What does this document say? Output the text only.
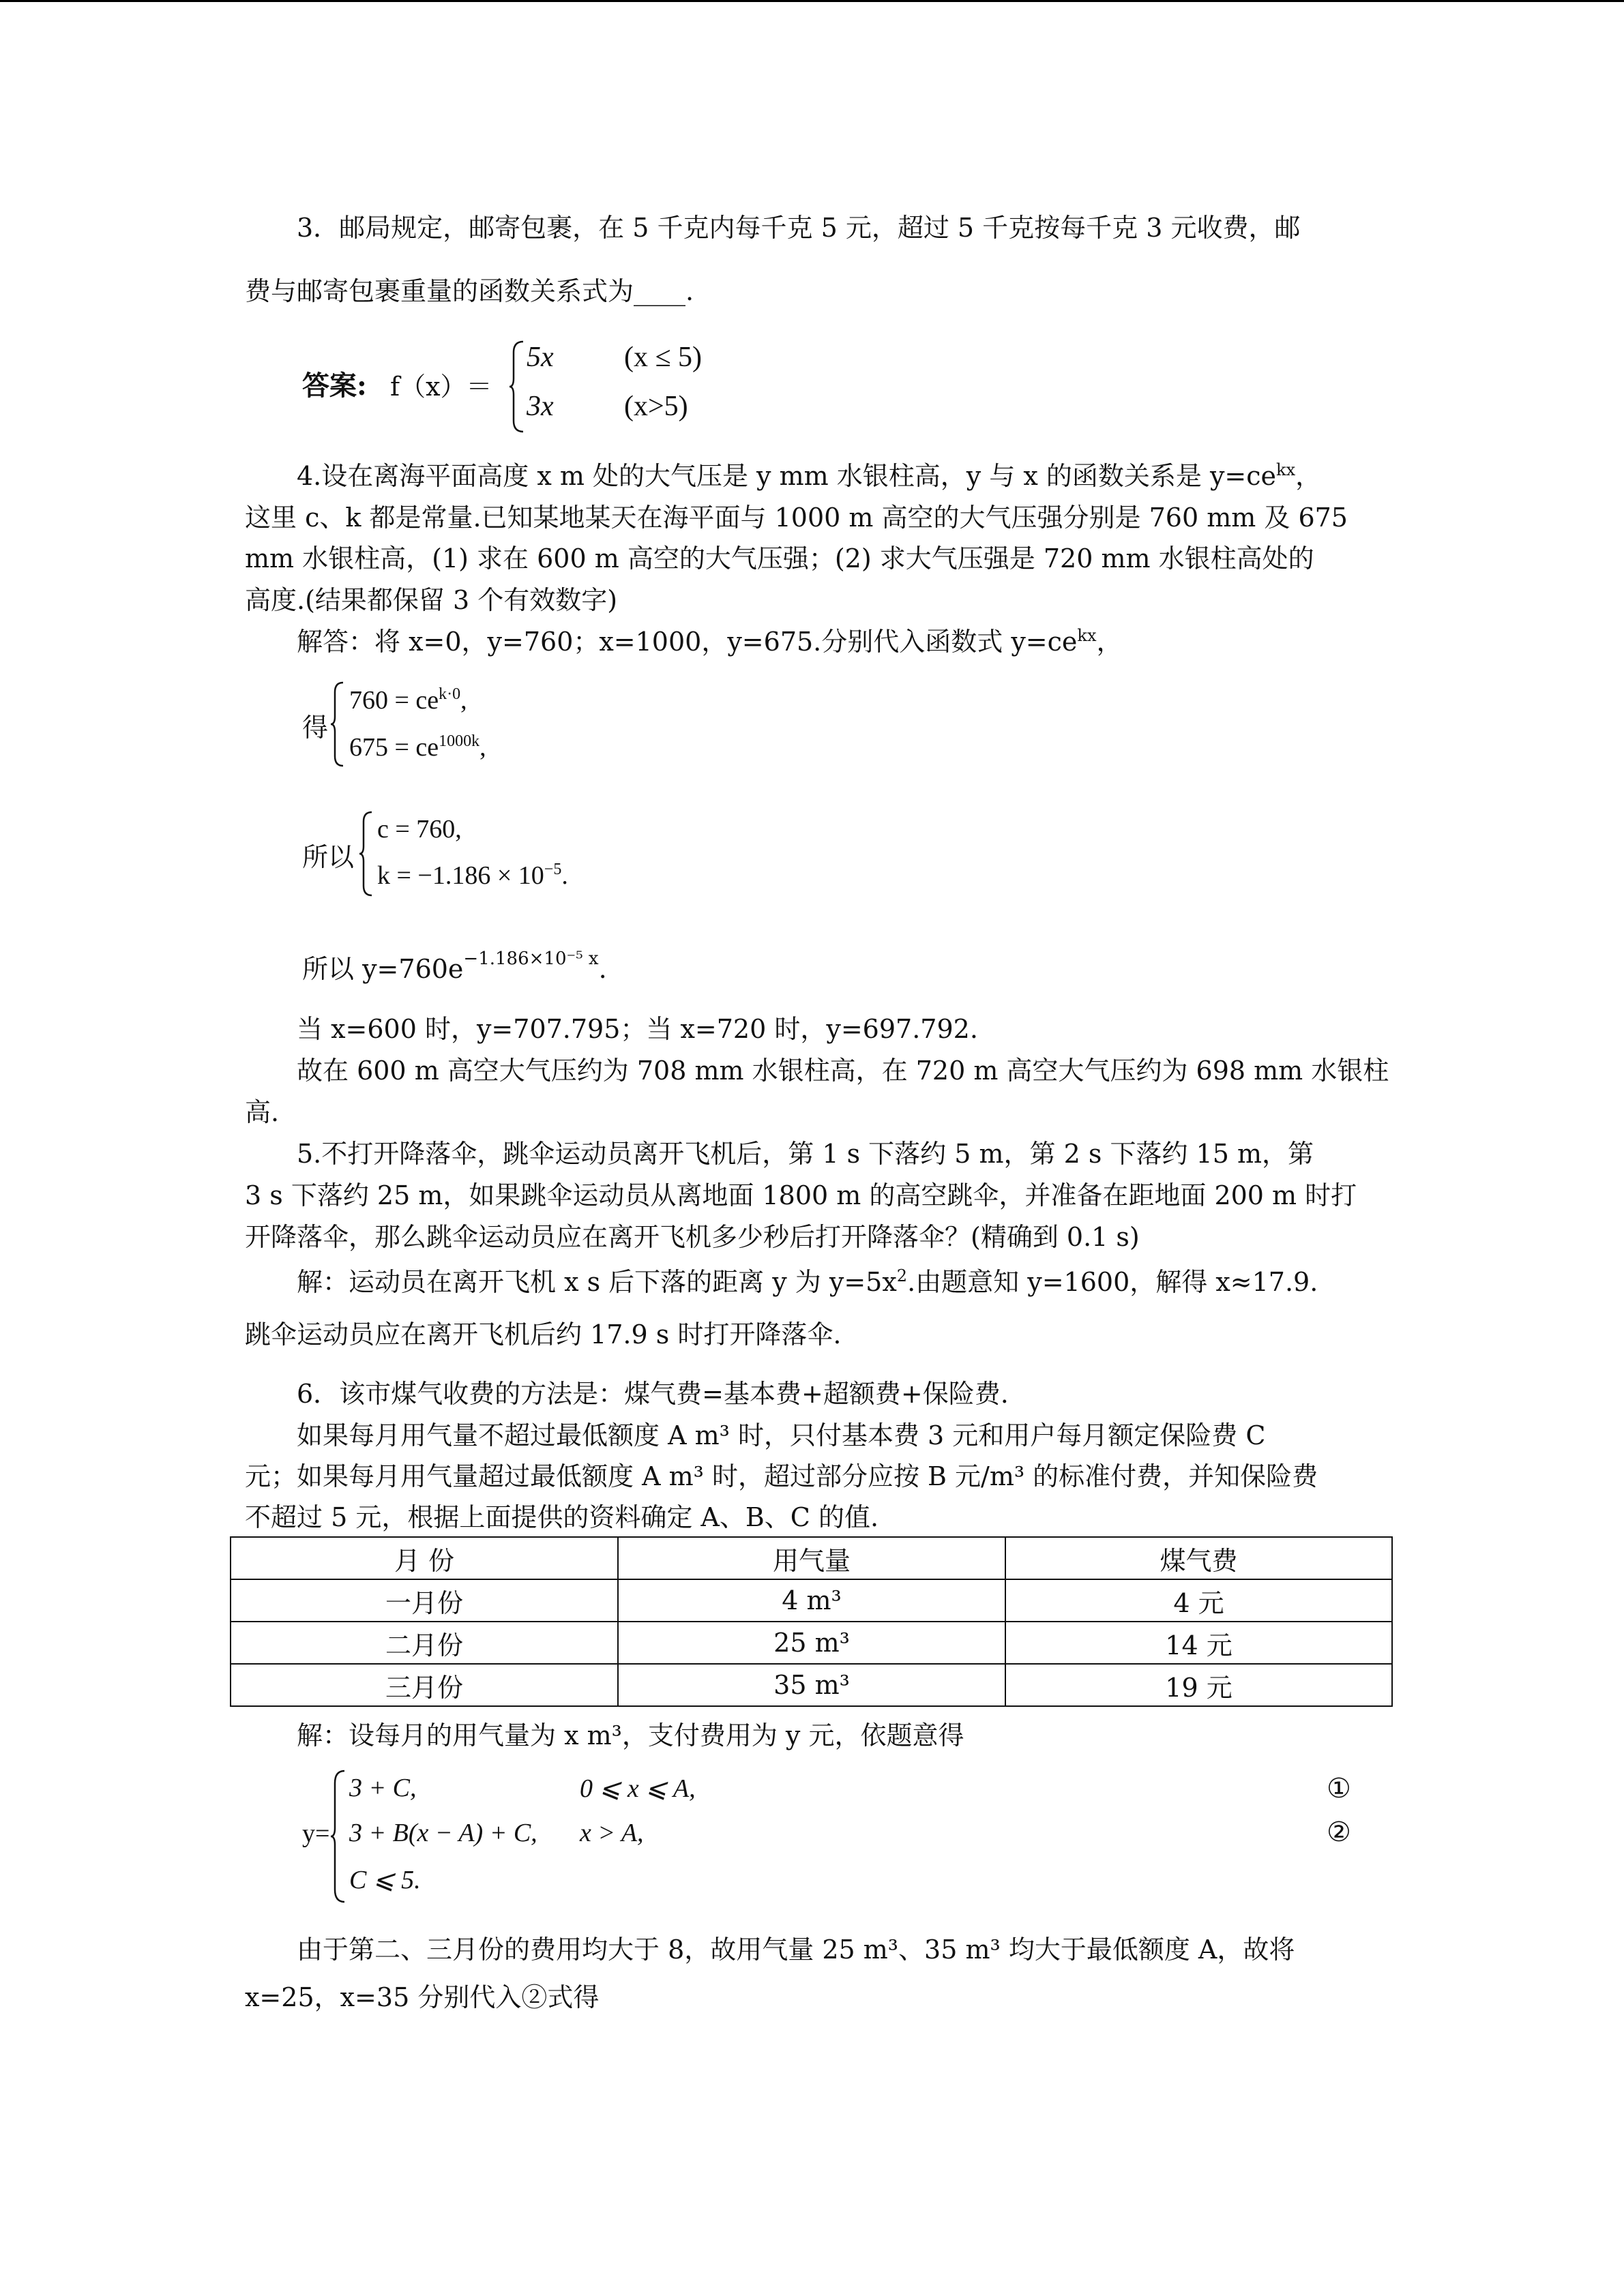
3．邮局规定，邮寄包裹，在 5 千克内每千克 5 元，超过 5 千克按每千克 3 元收费，邮
费与邮寄包裹重量的函数关系式为____.
答案: f（x）＝
5x (x ≤ 5)
3x (x>5)
4.设在离海平面高度 x m 处的大气压是 y mm 水银柱高，y 与 x 的函数关系是 $y=ce^{kx}$，
这里 c、k 都是常量.已知某地某天在海平面与 1000 m 高空的大气压强分别是 760 mm 及 675
mm 水银柱高，(1) 求在 600 m 高空的大气压强；(2) 求大气压强是 720 mm 水银柱高处的
高度.(结果都保留 3 个有效数字)
解答：将 x=0，y=760；x=1000，y=675.分别代入函数式 $y=ce^{kx}$，
得
$760 = ce^{k\cdot 0}$,
$675 = ce^{1000k}$,
所以
c = 760,
$k = -1.186 \times 10^{-5}$.
所以 $y=760e^{-1.186\times 10^{-5} x}$.
当 x=600 时，y=707.795；当 x=720 时，y=697.792.
故在 600 m 高空大气压约为 708 mm 水银柱高，在 720 m 高空大气压约为 698 mm 水银柱
高.
5.不打开降落伞，跳伞运动员离开飞机后，第 1 s 下落约 5 m，第 2 s 下落约 15 m，第
3 s 下落约 25 m，如果跳伞运动员从离地面 1800 m 的高空跳伞，并准备在距地面 200 m 时打
开降落伞，那么跳伞运动员应在离开飞机多少秒后打开降落伞？(精确到 0.1 s)
解：运动员在离开飞机 x s 后下落的距离 y 为 $y=5x^2$.由题意知 y=1600，解得 x≈17.9.
跳伞运动员应在离开飞机后约 17.9 s 时打开降落伞.
6．该市煤气收费的方法是：煤气费=基本费+超额费+保险费.
如果每月用气量不超过最低额度 A m³ 时，只付基本费 3 元和用户每月额定保险费 C
元；如果每月用气量超过最低额度 A m³ 时，超过部分应按 B 元/m³ 的标准付费，并知保险费
不超过 5 元，根据上面提供的资料确定 A、B、C 的值.
月 份	用气量	煤气费
一月份	4 m³	4 元
二月份	25 m³	14 元
三月份	35 m³	19 元
解：设每月的用气量为 x m³，支付费用为 y 元，依题意得
y=
3 + C,	0 ⩽ x ⩽ A,
3 + B(x − A) + C, x > A,
C ⩽ 5.
①
②
由于第二、三月份的费用均大于 8，故用气量 25 m³、35 m³ 均大于最低额度 A，故将
x=25，x=35 分别代入②式得
